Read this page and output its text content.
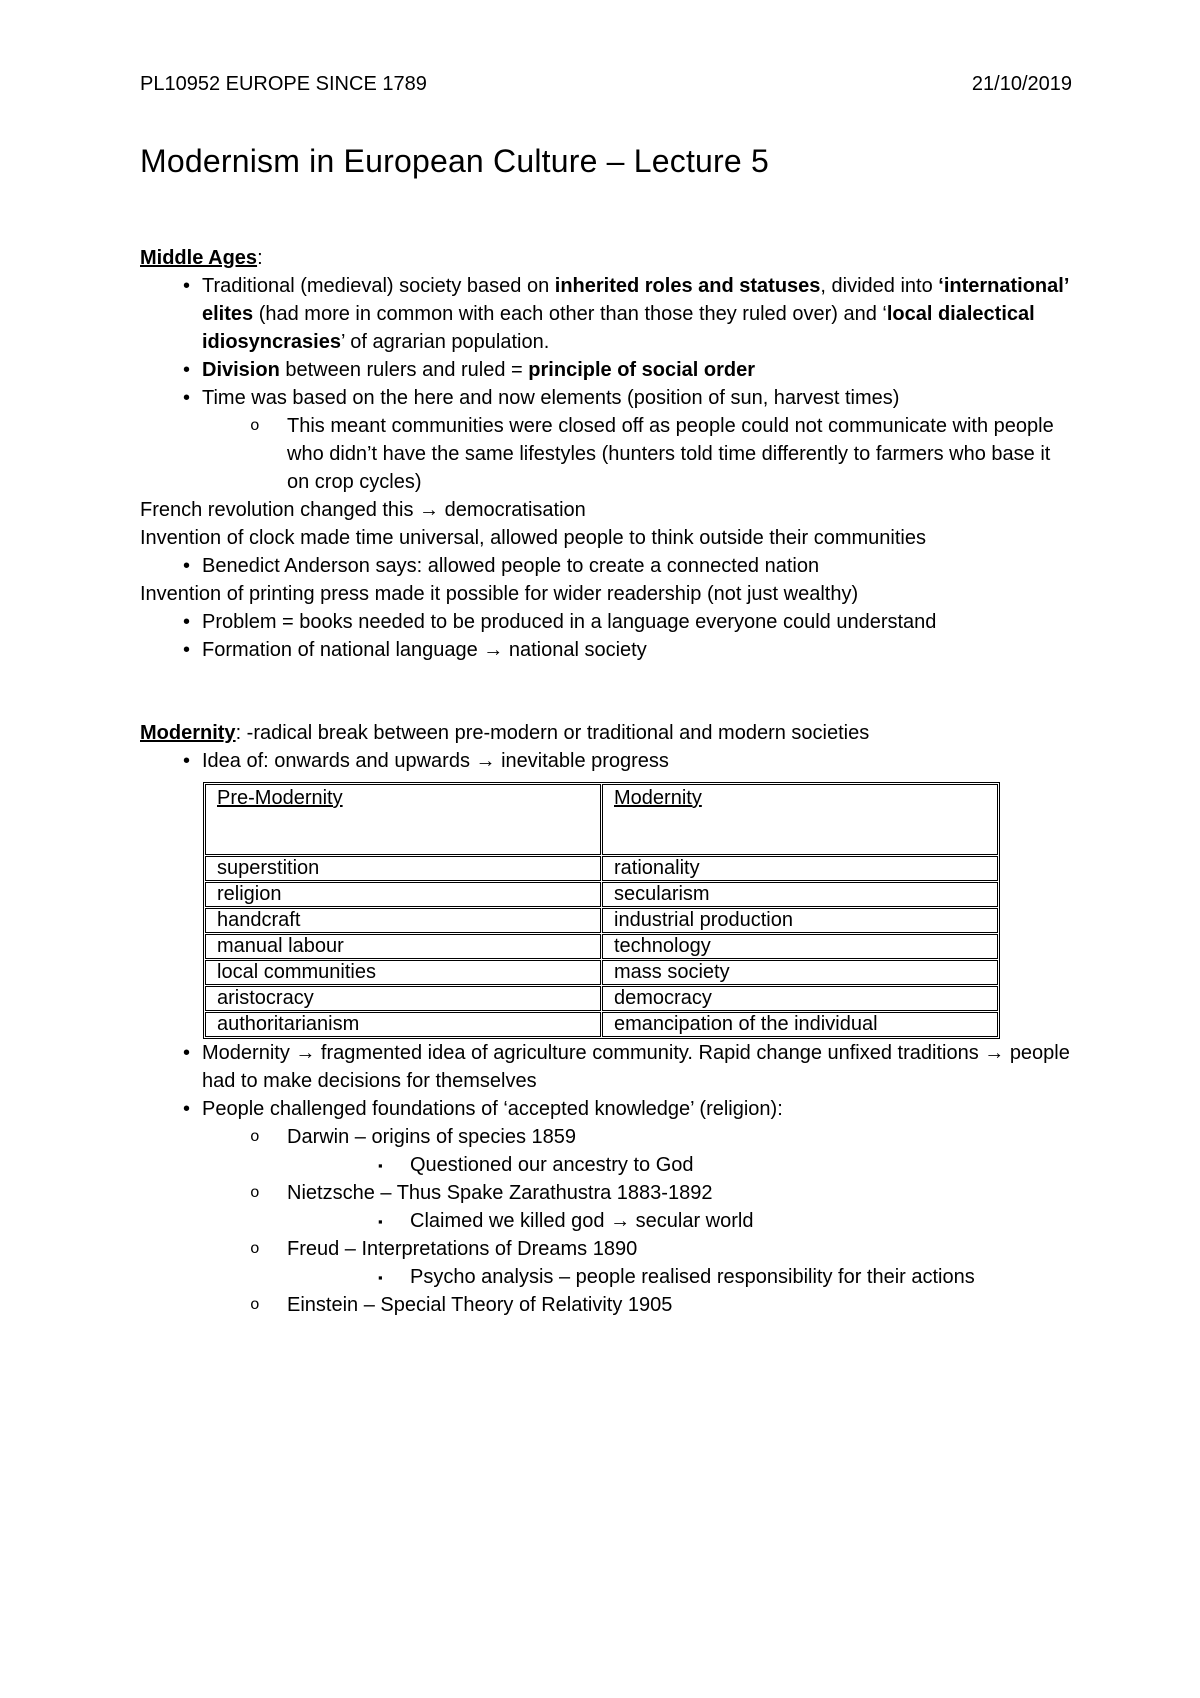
PL10952 EUROPE SINCE 1789	21/10/2019
Modernism in European Culture – Lecture 5

Middle Ages:

• Traditional (medieval) society based on inherited roles and statuses, divided into ‘international’ elites (had more in common with each other than those they ruled over) and ‘local dialectical idiosyncrasies’ of agrarian population.
• Division between rulers and ruled = principle of social order
• Time was based on the here and now elements (position of sun, harvest times)
o This meant communities were closed off as people could not communicate with people who didn’t have the same lifestyles (hunters told time differently to farmers who base it on crop cycles)

French revolution changed this → democratisation

Invention of clock made time universal, allowed people to think outside their communities

• Benedict Anderson says: allowed people to create a connected nation

Invention of printing press made it possible for wider readership (not just wealthy)

• Problem = books needed to be produced in a language everyone could understand
• Formation of national language → national society

Modernity: -radical break between pre-modern or traditional and modern societies

• Idea of: onwards and upwards → inevitable progress
Pre-Modernity	Modernity
superstition	rationality
religion	secularism
handcraft	industrial production
manual labour	technology
local communities	mass society
aristocracy	democracy
authoritarianism	emancipation of the individual
• Modernity → fragmented idea of agriculture community. Rapid change unfixed traditions → people had to make decisions for themselves
• People challenged foundations of ‘accepted knowledge’ (religion):
o Darwin – origins of species 1859
▪ Questioned our ancestry to God
o Nietzsche – Thus Spake Zarathustra 1883-1892
▪ Claimed we killed god → secular world
o Freud – Interpretations of Dreams 1890
▪ Psycho analysis – people realised responsibility for their actions
o Einstein – Special Theory of Relativity 1905
